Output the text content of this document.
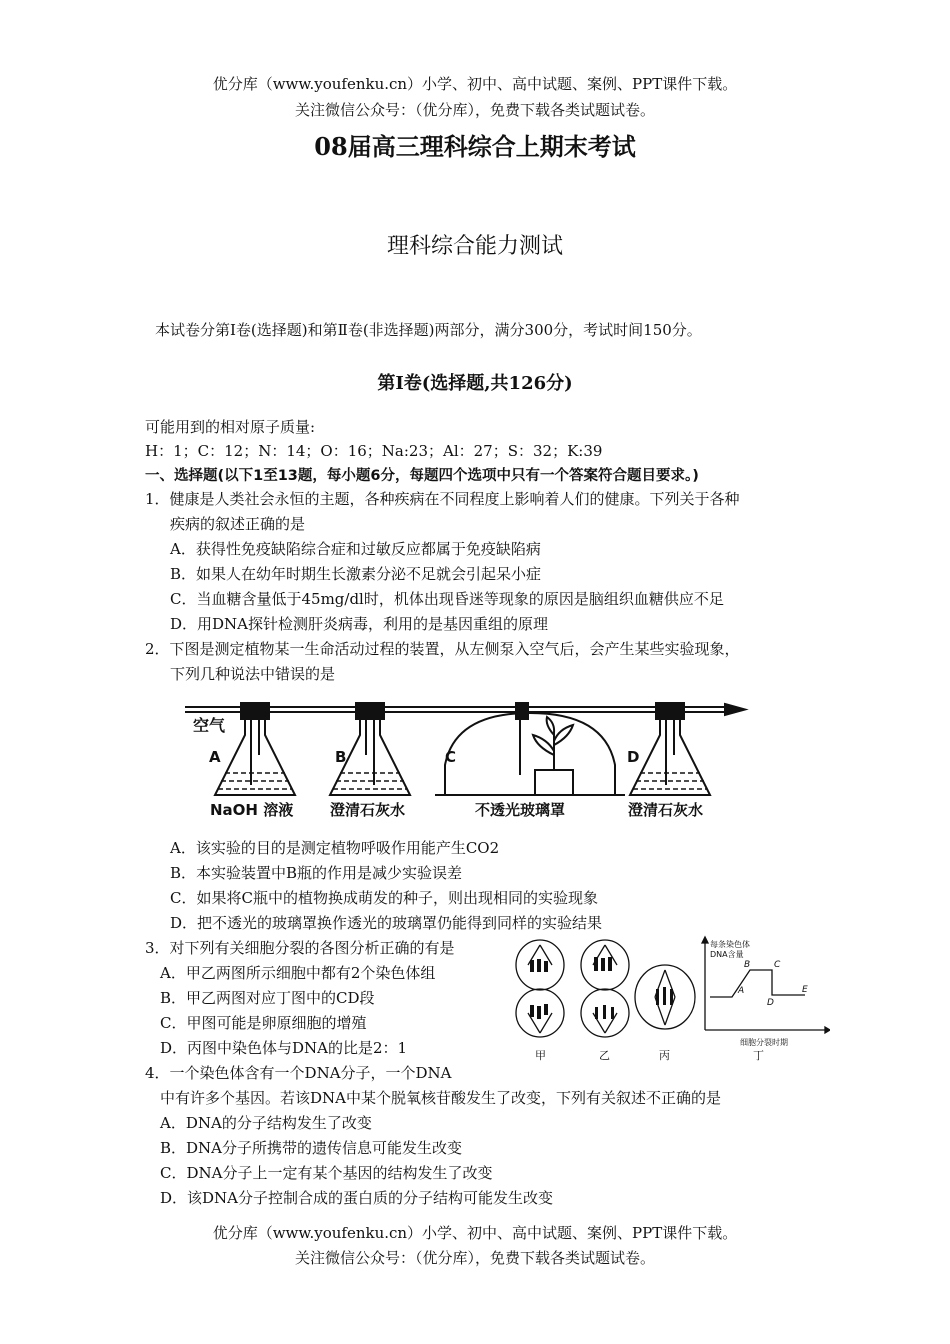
优分库（www.youfenku.cn）小学、初中、高中试题、案例、PPT课件下载。
关注微信公众号：（优分库），免费下载各类试题试卷。
08届高三理科综合上期末考试
理科综合能力测试
本试卷分第Ⅰ卷(选择题)和第Ⅱ卷(非选择题)两部分，满分300分，考试时间150分。
第Ⅰ卷(选择题,共126分)
可能用到的相对原子质量:
H：1；C：12；N：14；O：16；Na:23；Al：27；S：32；K:39
一、选择题(以下1至13题，每小题6分，每题四个选项中只有一个答案符合题目要求。)
1．健康是人类社会永恒的主题，各种疾病在不同程度上影响着人们的健康。下列关于各种
疾病的叙述正确的是
A．获得性免疫缺陷综合症和过敏反应都属于免疫缺陷病
B．如果人在幼年时期生长激素分泌不足就会引起呆小症
C．当血糖含量低于45mg/dl时，机体出现昏迷等现象的原因是脑组织血糖供应不足
D．用DNA探针检测肝炎病毒，利用的是基因重组的原理
2．下图是测定植物某一生命活动过程的装置，从左侧泵入空气后，会产生某些实验现象，
下列几种说法中错误的是
空气
A	B	C	D
NaOH 溶液 澄清石灰水	不透光玻璃罩	澄清石灰水
A．该实验的目的是测定植物呼吸作用能产生CO2
B．本实验装置中B瓶的作用是减少实验误差
C．如果将C瓶中的植物换成萌发的种子，则出现相同的实验现象
D．把不透光的玻璃罩换作透光的玻璃罩仍能得到同样的实验结果
3．对下列有关细胞分裂的各图分析正确的有是
A．甲乙两图所示细胞中都有2个染色体组
B．甲乙两图对应丁图中的CD段
C．甲图可能是卵原细胞的增殖
D．丙图中染色体与DNA的比是2：1
每条染色体
DNA含量
A
B	C
D
E
细胞分裂时期
甲	乙	丙	丁
4．一个染色体含有一个DNA分子，一个DNA
中有许多个基因。若该DNA中某个脱氧核苷酸发生了改变，下列有关叙述不正确的是
A．DNA的分子结构发生了改变
B．DNA分子所携带的遗传信息可能发生改变
C．DNA分子上一定有某个基因的结构发生了改变
D．该DNA分子控制合成的蛋白质的分子结构可能发生改变
优分库（www.youfenku.cn）小学、初中、高中试题、案例、PPT课件下载。
关注微信公众号：（优分库），免费下载各类试题试卷。
